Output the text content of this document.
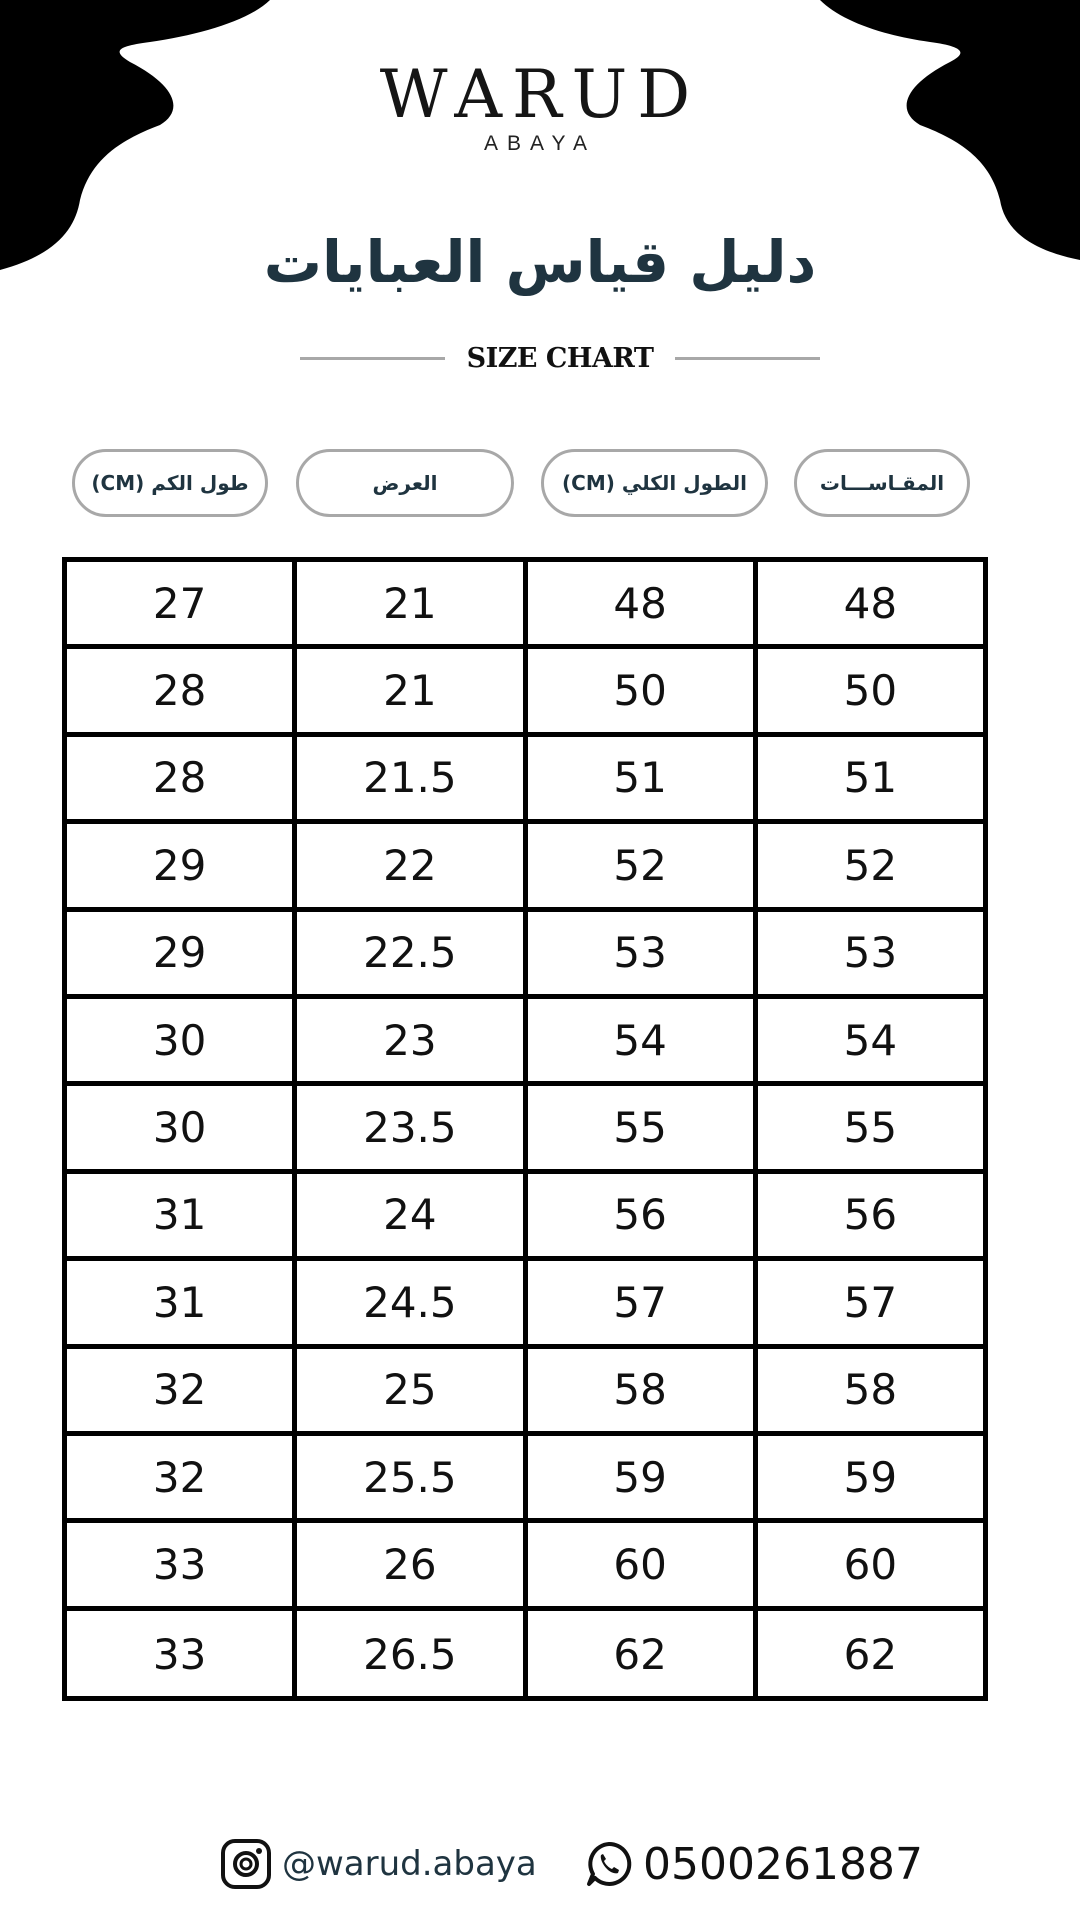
WARUD
ABAYA
دليل قياس العبايات
SIZE CHART
طول الكم (CM)	العرض	الطول الكلي (CM)	المقـاســـات
27	21	48	48
28	21	50	50
28	21.5	51	51
29	22	52	52
29	22.5	53	53
30	23	54	54
30	23.5	55	55
31	24	56	56
31	24.5	57	57
32	25	58	58
32	25.5	59	59
33	26	60	60
33	26.5	62	62
@warud.abaya 0500261887
